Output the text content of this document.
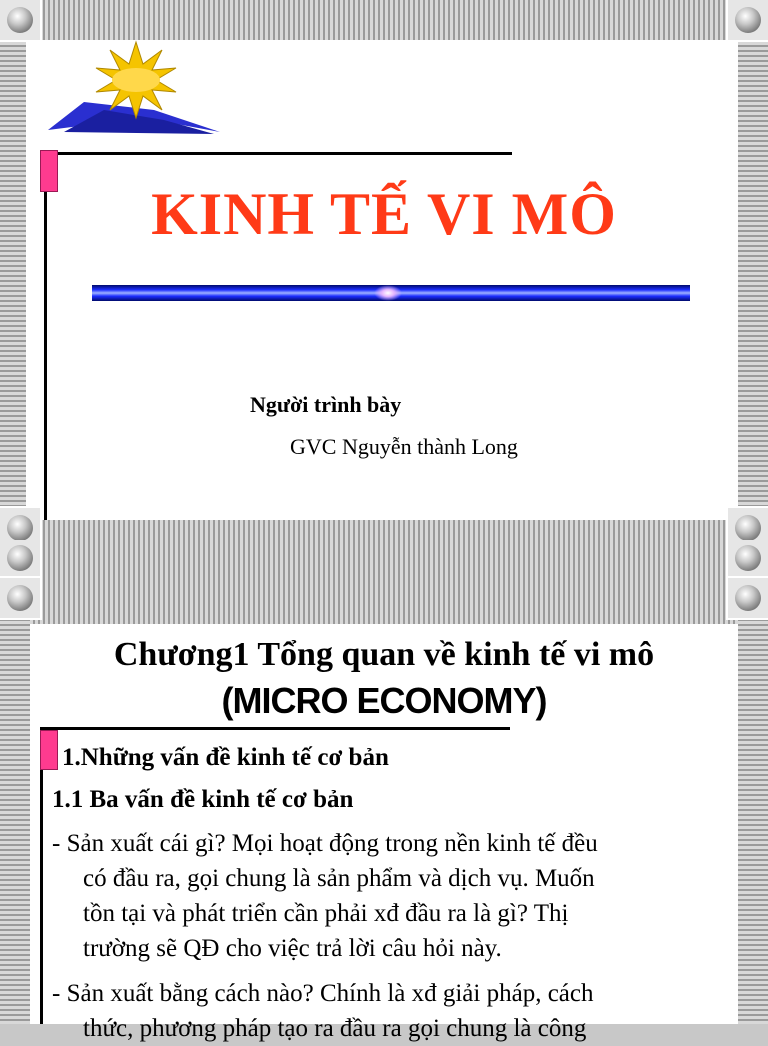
KINH TẾ VI MÔ
Người trình bày
GVC Nguyễn thành Long
Chương1 Tổng quan về kinh tế vi mô
(MICRO ECONOMY)
1.Những vấn đề kinh tế cơ bản
1.1 Ba vấn đề kinh tế cơ bản
- Sản xuất cái gì? Mọi hoạt động trong nền kinh tế đều
có đầu ra, gọi chung là sản phẩm và dịch vụ. Muốn
tồn tại và phát triển cần phải xđ đầu ra là gì? Thị
trường sẽ QĐ cho việc trả lời câu hỏi này.
- Sản xuất bằng cách nào? Chính là xđ giải pháp, cách
thức, phương pháp tạo ra đầu ra gọi chung là công
